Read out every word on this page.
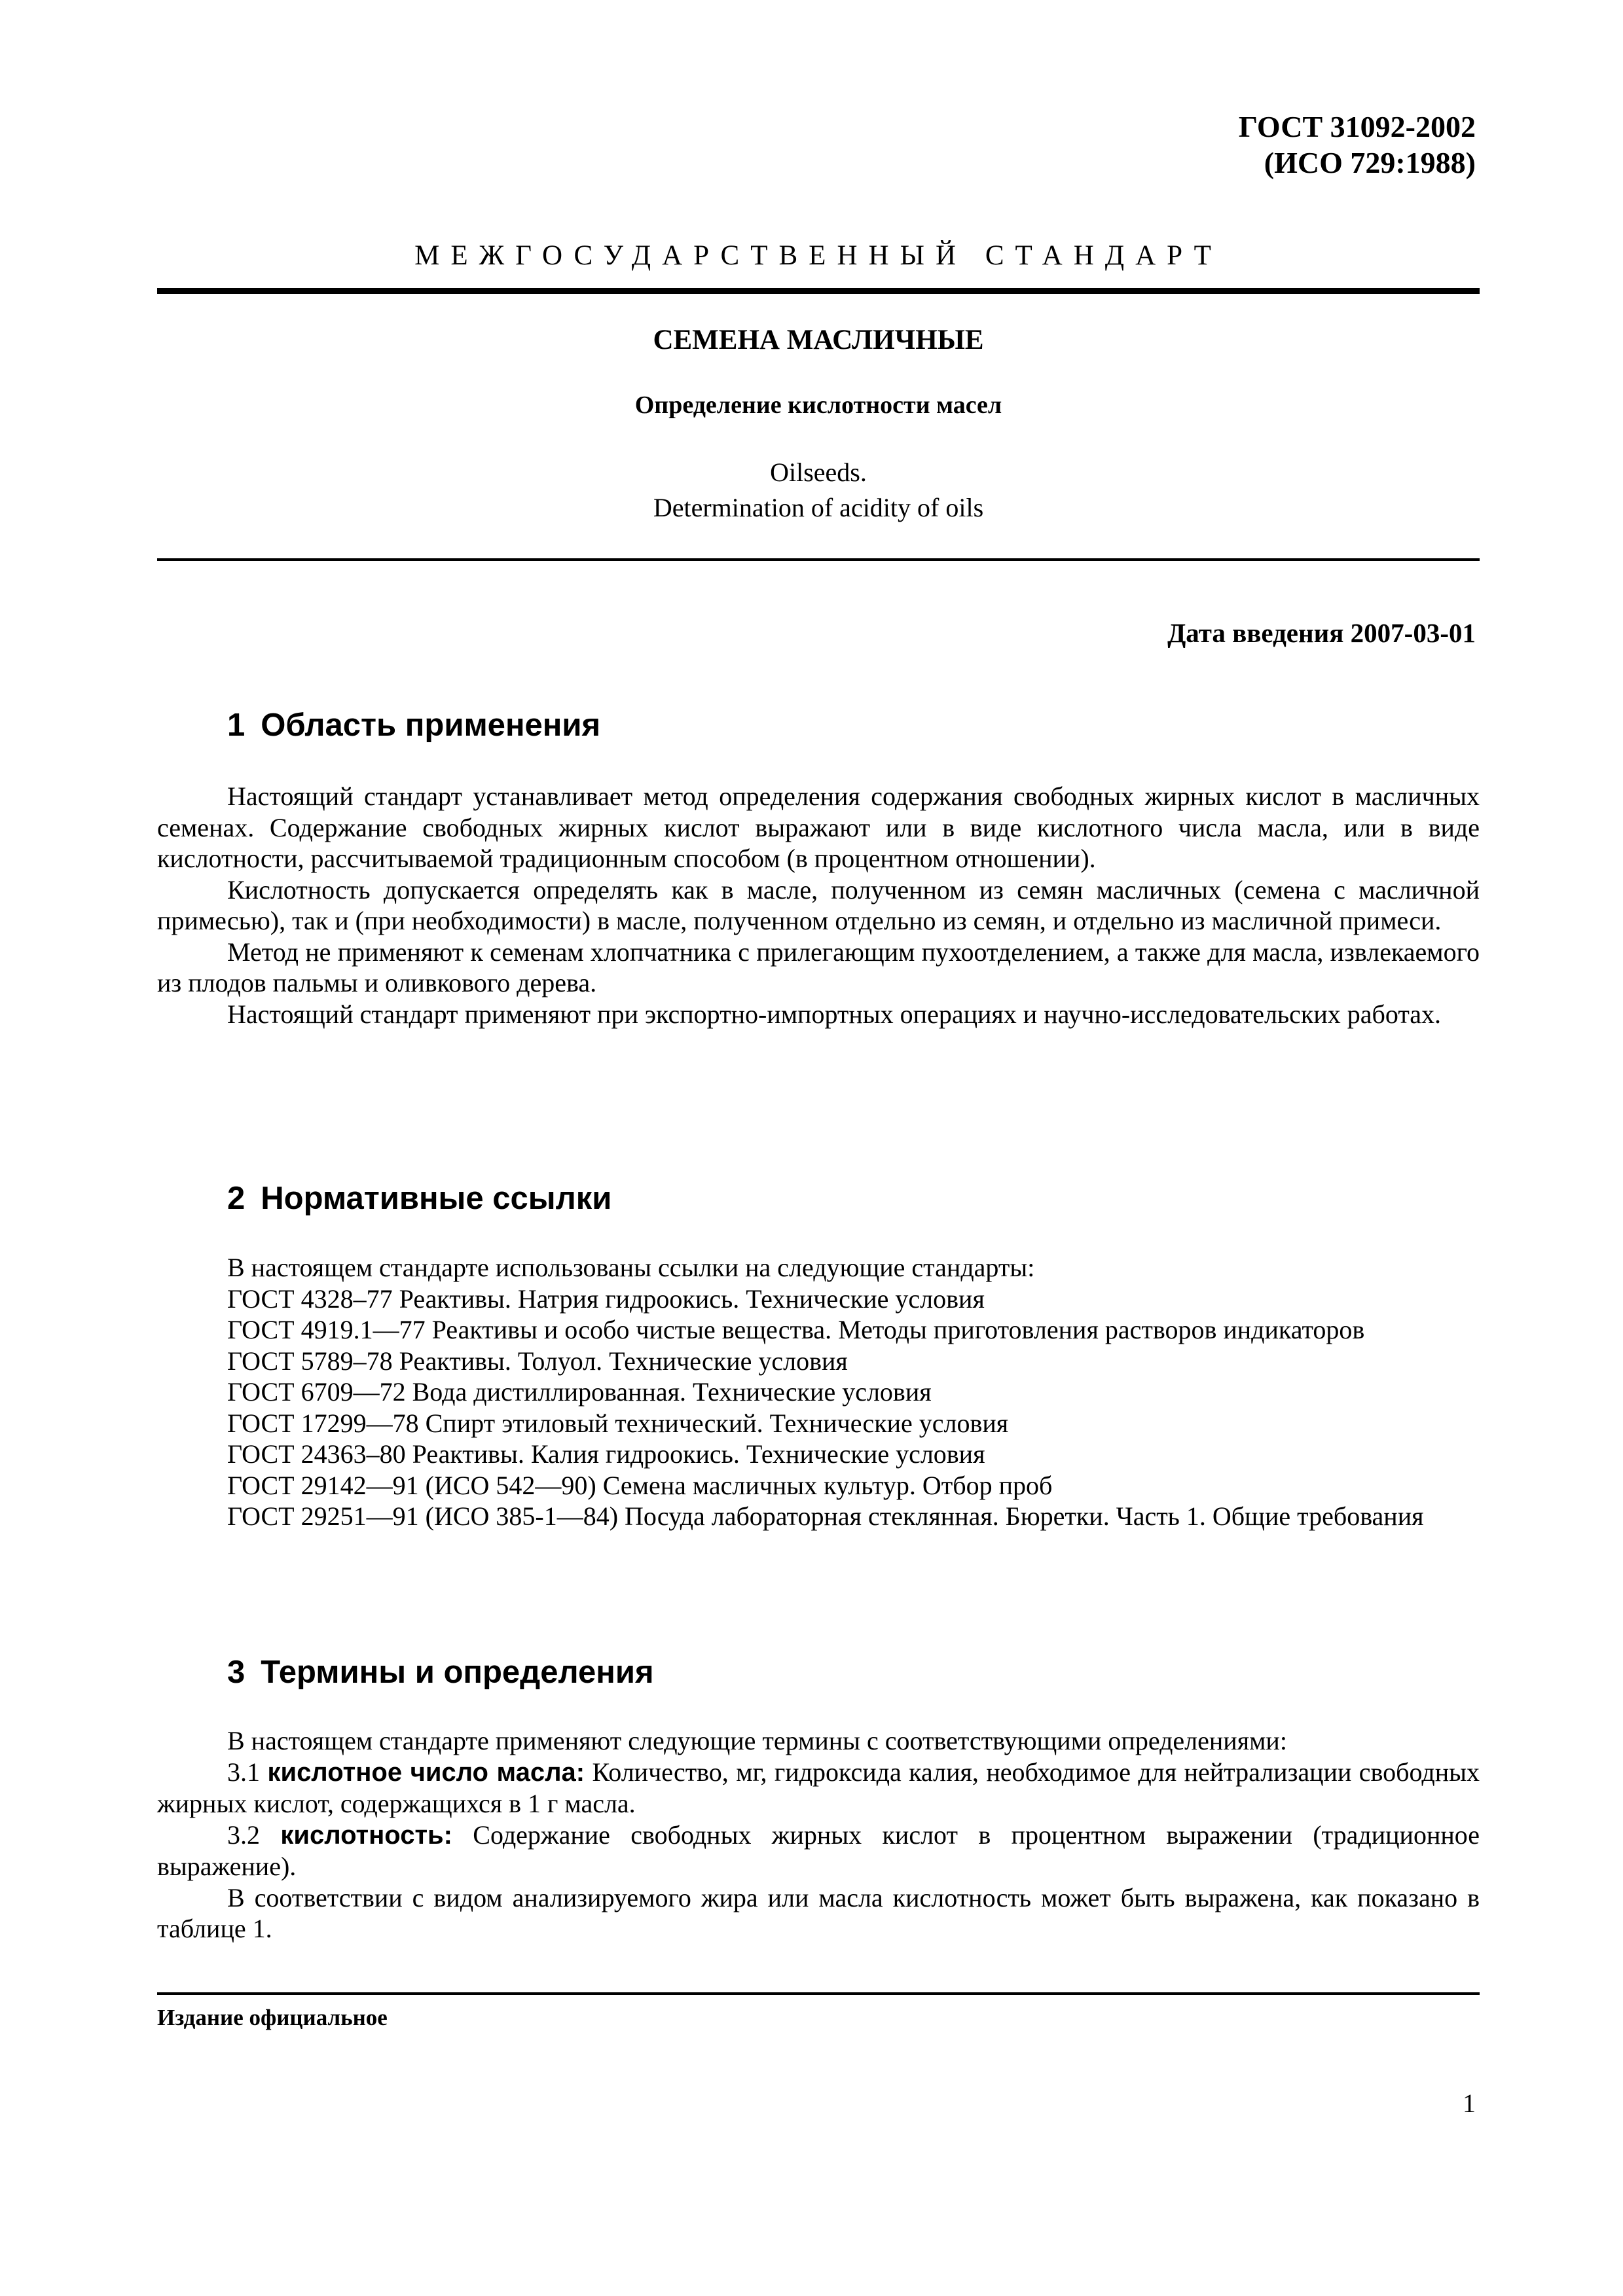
ГОСТ 31092-2002
(ИСО 729:1988)
МЕЖГОСУДАРСТВЕННЫЙ СТАНДАРТ
СЕМЕНА МАСЛИЧНЫЕ
Определение кислотности масел
Oilseeds.
Determination of acidity of oils
Дата введения 2007-03-01
1 Область применения

Настоящий стандарт устанавливает метод определения содержания свободных жирных кислот в масличных семенах. Содержание свободных жирных кислот выражают или в виде кислотного числа масла, или в виде кислотности, рассчитываемой традиционным способом (в процентном отношении).

Кислотность допускается определять как в масле, полученном из семян масличных (семена с масличной примесью), так и (при необходимости) в масле, полученном отдельно из семян, и отдельно из масличной примеси.

Метод не применяют к семенам хлопчатника с прилегающим пухоотделением, а также для масла, извлекаемого из плодов пальмы и оливкового дерева.

Настоящий стандарт применяют при экспортно-импортных операциях и научно-исследовательских работах.

2 Нормативные ссылки

В настоящем стандарте использованы ссылки на следующие стандарты:

ГОСТ 4328–77 Реактивы. Натрия гидроокись. Технические условия

ГОСТ 4919.1—77 Реактивы и особо чистые вещества. Методы приготовления растворов индикаторов

ГОСТ 5789–78 Реактивы. Толуол. Технические условия

ГОСТ 6709—72 Вода дистиллированная. Технические условия

ГОСТ 17299—78 Спирт этиловый технический. Технические условия

ГОСТ 24363–80 Реактивы. Калия гидроокись. Технические условия

ГОСТ 29142—91 (ИСО 542—90) Семена масличных культур. Отбор проб

ГОСТ 29251—91 (ИСО 385-1—84) Посуда лабораторная стеклянная. Бюретки. Часть 1. Общие требования

3 Термины и определения

В настоящем стандарте применяют следующие термины с соответствующими определениями:

3.1 кислотное число масла: Количество, мг, гидроксида калия, необходимое для нейтрализации свободных жирных кислот, содержащихся в 1 г масла.

3.2 кислотность: Содержание свободных жирных кислот в процентном выражении (традиционное выражение).

В соответствии с видом анализируемого жира или масла кислотность может быть выражена, как показано в таблице 1.

Издание официальное
1
